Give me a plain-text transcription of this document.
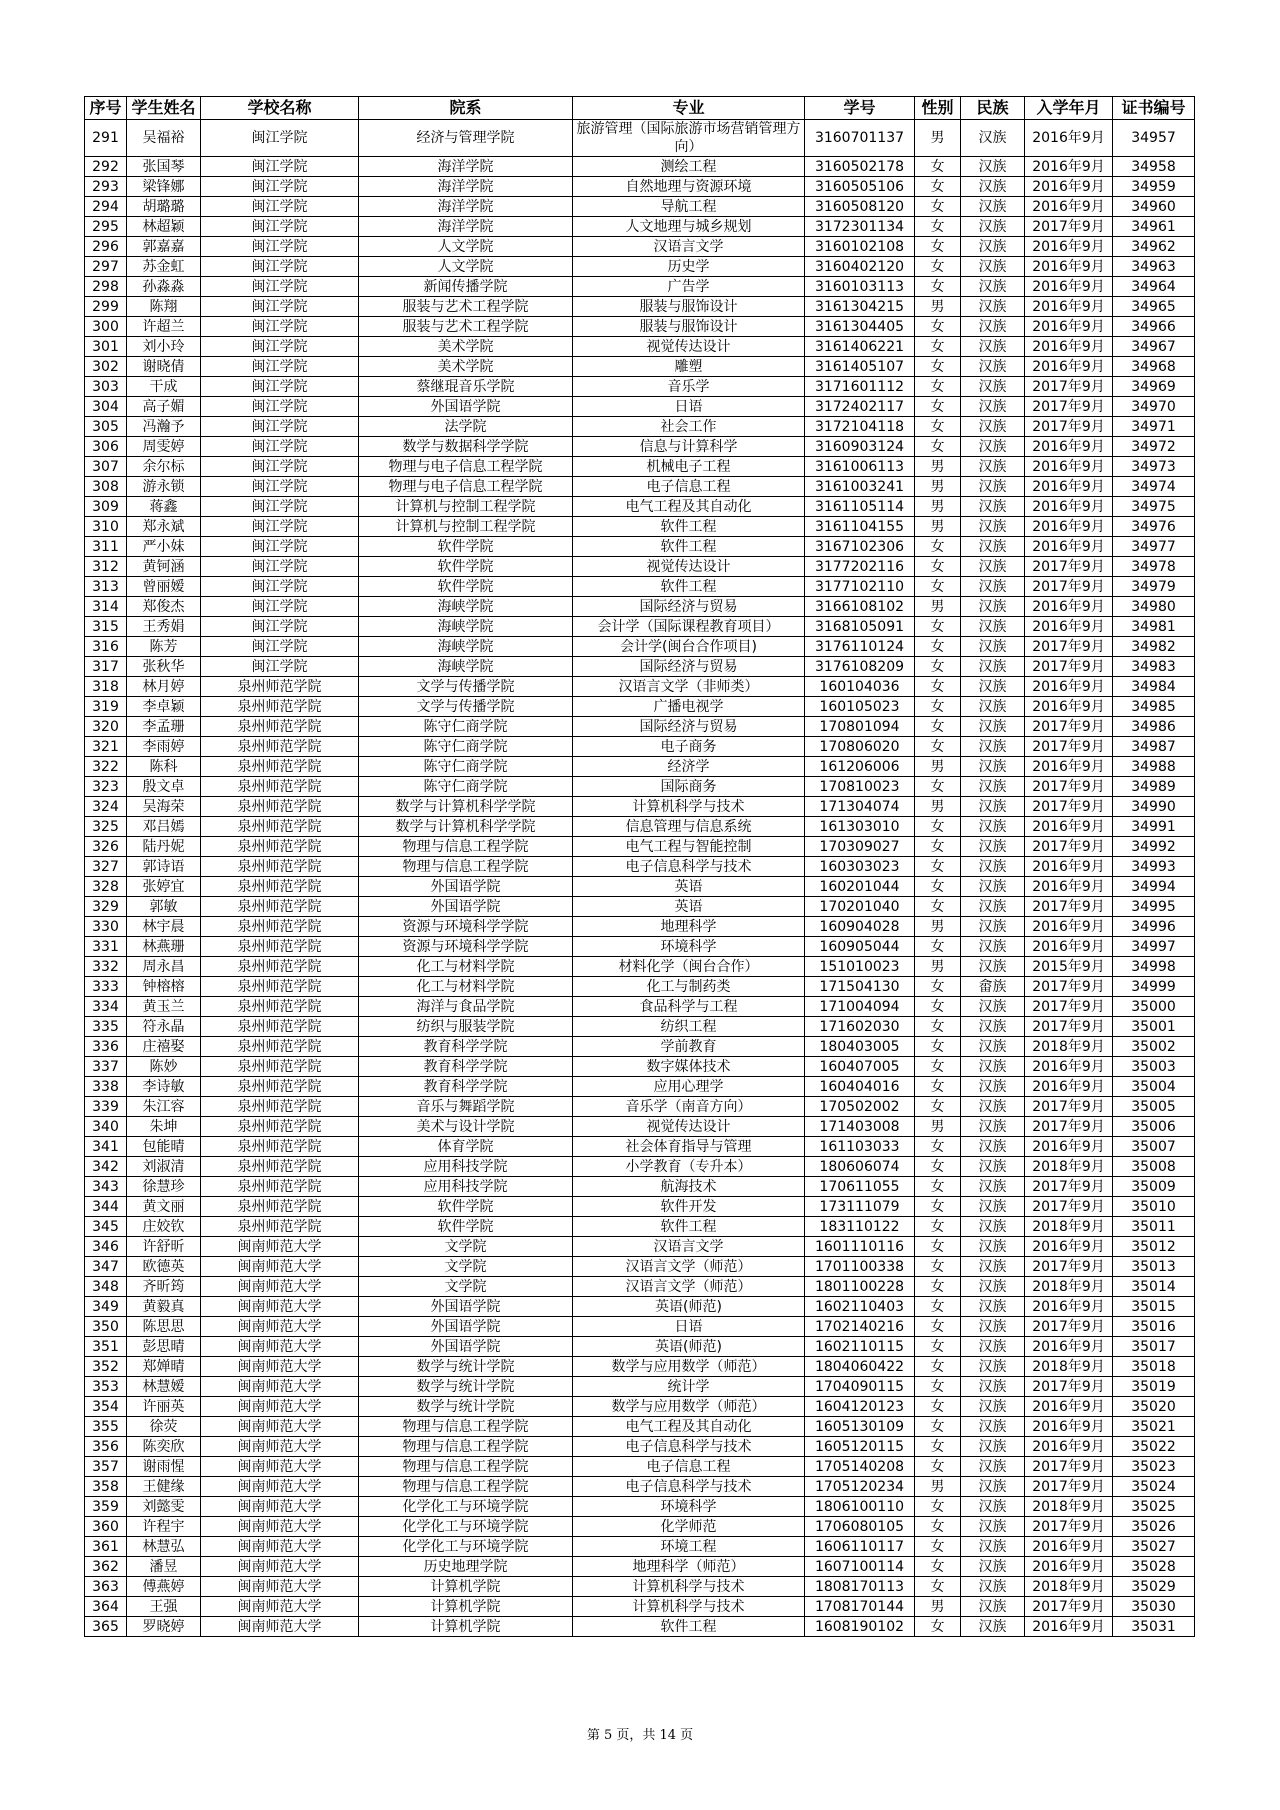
序号	学生姓名	学校名称	院系	专业	学号	性别	民族	入学年月	证书编号
291	吴福裕	闽江学院	经济与管理学院	旅游管理（国际旅游市场营销管理方向）	3160701137	男	汉族	2016年9月	34957
292	张国琴	闽江学院	海洋学院	测绘工程	3160502178	女	汉族	2016年9月	34958
293	梁锋娜	闽江学院	海洋学院	自然地理与资源环境	3160505106	女	汉族	2016年9月	34959
294	胡璐璐	闽江学院	海洋学院	导航工程	3160508120	女	汉族	2016年9月	34960
295	林超颖	闽江学院	海洋学院	人文地理与城乡规划	3172301134	女	汉族	2017年9月	34961
296	郭嘉嘉	闽江学院	人文学院	汉语言文学	3160102108	女	汉族	2016年9月	34962
297	苏金虹	闽江学院	人文学院	历史学	3160402120	女	汉族	2016年9月	34963
298	孙淼淼	闽江学院	新闻传播学院	广告学	3160103113	女	汉族	2016年9月	34964
299	陈翔	闽江学院	服装与艺术工程学院	服装与服饰设计	3161304215	男	汉族	2016年9月	34965
300	许超兰	闽江学院	服装与艺术工程学院	服装与服饰设计	3161304405	女	汉族	2016年9月	34966
301	刘小玲	闽江学院	美术学院	视觉传达设计	3161406221	女	汉族	2016年9月	34967
302	谢晓倩	闽江学院	美术学院	雕塑	3161405107	女	汉族	2016年9月	34968
303	干成	闽江学院	蔡继琨音乐学院	音乐学	3171601112	女	汉族	2017年9月	34969
304	高子媚	闽江学院	外国语学院	日语	3172402117	女	汉族	2017年9月	34970
305	冯瀚予	闽江学院	法学院	社会工作	3172104118	女	汉族	2017年9月	34971
306	周雯婷	闽江学院	数学与数据科学学院	信息与计算科学	3160903124	女	汉族	2016年9月	34972
307	余尔标	闽江学院	物理与电子信息工程学院	机械电子工程	3161006113	男	汉族	2016年9月	34973
308	游永锁	闽江学院	物理与电子信息工程学院	电子信息工程	3161003241	男	汉族	2016年9月	34974
309	蒋鑫	闽江学院	计算机与控制工程学院	电气工程及其自动化	3161105114	男	汉族	2016年9月	34975
310	郑永斌	闽江学院	计算机与控制工程学院	软件工程	3161104155	男	汉族	2016年9月	34976
311	严小妹	闽江学院	软件学院	软件工程	3167102306	女	汉族	2016年9月	34977
312	黄钶涵	闽江学院	软件学院	视觉传达设计	3177202116	女	汉族	2017年9月	34978
313	曾丽嫒	闽江学院	软件学院	软件工程	3177102110	女	汉族	2017年9月	34979
314	郑俊杰	闽江学院	海峡学院	国际经济与贸易	3166108102	男	汉族	2016年9月	34980
315	王秀娟	闽江学院	海峡学院	会计学（国际课程教育项目）	3168105091	女	汉族	2016年9月	34981
316	陈芳	闽江学院	海峡学院	会计学(闽台合作项目)	3176110124	女	汉族	2017年9月	34982
317	张秋华	闽江学院	海峡学院	国际经济与贸易	3176108209	女	汉族	2017年9月	34983
318	林月婷	泉州师范学院	文学与传播学院	汉语言文学（非师类）	160104036	女	汉族	2016年9月	34984
319	李卓颖	泉州师范学院	文学与传播学院	广播电视学	160105023	女	汉族	2016年9月	34985
320	李孟珊	泉州师范学院	陈守仁商学院	国际经济与贸易	170801094	女	汉族	2017年9月	34986
321	李雨婷	泉州师范学院	陈守仁商学院	电子商务	170806020	女	汉族	2017年9月	34987
322	陈科	泉州师范学院	陈守仁商学院	经济学	161206006	男	汉族	2016年9月	34988
323	殷文卓	泉州师范学院	陈守仁商学院	国际商务	170810023	女	汉族	2017年9月	34989
324	吴海荣	泉州师范学院	数学与计算机科学学院	计算机科学与技术	171304074	男	汉族	2017年9月	34990
325	邓吕嫣	泉州师范学院	数学与计算机科学学院	信息管理与信息系统	161303010	女	汉族	2016年9月	34991
326	陆丹妮	泉州师范学院	物理与信息工程学院	电气工程与智能控制	170309027	女	汉族	2017年9月	34992
327	郭诗语	泉州师范学院	物理与信息工程学院	电子信息科学与技术	160303023	女	汉族	2016年9月	34993
328	张婷宜	泉州师范学院	外国语学院	英语	160201044	女	汉族	2016年9月	34994
329	郭敏	泉州师范学院	外国语学院	英语	170201040	女	汉族	2017年9月	34995
330	林宇晨	泉州师范学院	资源与环境科学学院	地理科学	160904028	男	汉族	2016年9月	34996
331	林燕珊	泉州师范学院	资源与环境科学学院	环境科学	160905044	女	汉族	2016年9月	34997
332	周永昌	泉州师范学院	化工与材料学院	材料化学（闽台合作）	151010023	男	汉族	2015年9月	34998
333	钟榕榕	泉州师范学院	化工与材料学院	化工与制药类	171504130	女	畲族	2017年9月	34999
334	黄玉兰	泉州师范学院	海洋与食品学院	食品科学与工程	171004094	女	汉族	2017年9月	35000
335	符永晶	泉州师范学院	纺织与服装学院	纺织工程	171602030	女	汉族	2017年9月	35001
336	庄禧娶	泉州师范学院	教育科学学院	学前教育	180403005	女	汉族	2018年9月	35002
337	陈妙	泉州师范学院	教育科学学院	数字媒体技术	160407005	女	汉族	2016年9月	35003
338	李诗敏	泉州师范学院	教育科学学院	应用心理学	160404016	女	汉族	2016年9月	35004
339	朱江容	泉州师范学院	音乐与舞蹈学院	音乐学（南音方向）	170502002	女	汉族	2017年9月	35005
340	朱坤	泉州师范学院	美术与设计学院	视觉传达设计	171403008	男	汉族	2017年9月	35006
341	包能晴	泉州师范学院	体育学院	社会体育指导与管理	161103033	女	汉族	2016年9月	35007
342	刘淑清	泉州师范学院	应用科技学院	小学教育（专升本）	180606074	女	汉族	2018年9月	35008
343	徐慧珍	泉州师范学院	应用科技学院	航海技术	170611055	女	汉族	2017年9月	35009
344	黄文丽	泉州师范学院	软件学院	软件开发	173111079	女	汉族	2017年9月	35010
345	庄姣钦	泉州师范学院	软件学院	软件工程	183110122	女	汉族	2018年9月	35011
346	许舒昕	闽南师范大学	文学院	汉语言文学	1601110116	女	汉族	2016年9月	35012
347	欧德英	闽南师范大学	文学院	汉语言文学（师范）	1701100338	女	汉族	2017年9月	35013
348	齐昕筠	闽南师范大学	文学院	汉语言文学（师范）	1801100228	女	汉族	2018年9月	35014
349	黄毅真	闽南师范大学	外国语学院	英语(师范)	1602110403	女	汉族	2016年9月	35015
350	陈思思	闽南师范大学	外国语学院	日语	1702140216	女	汉族	2017年9月	35016
351	彭思晴	闽南师范大学	外国语学院	英语(师范)	1602110115	女	汉族	2016年9月	35017
352	郑婵晴	闽南师范大学	数学与统计学院	数学与应用数学（师范）	1804060422	女	汉族	2018年9月	35018
353	林慧嫒	闽南师范大学	数学与统计学院	统计学	1704090115	女	汉族	2017年9月	35019
354	许丽英	闽南师范大学	数学与统计学院	数学与应用数学（师范）	1604120123	女	汉族	2016年9月	35020
355	徐荧	闽南师范大学	物理与信息工程学院	电气工程及其自动化	1605130109	女	汉族	2016年9月	35021
356	陈奕欣	闽南师范大学	物理与信息工程学院	电子信息科学与技术	1605120115	女	汉族	2016年9月	35022
357	谢雨惺	闽南师范大学	物理与信息工程学院	电子信息工程	1705140208	女	汉族	2017年9月	35023
358	王健缘	闽南师范大学	物理与信息工程学院	电子信息科学与技术	1705120234	男	汉族	2017年9月	35024
359	刘懿雯	闽南师范大学	化学化工与环境学院	环境科学	1806100110	女	汉族	2018年9月	35025
360	许程宇	闽南师范大学	化学化工与环境学院	化学师范	1706080105	女	汉族	2017年9月	35026
361	林慧弘	闽南师范大学	化学化工与环境学院	环境工程	1606110117	女	汉族	2016年9月	35027
362	潘昱	闽南师范大学	历史地理学院	地理科学（师范）	1607100114	女	汉族	2016年9月	35028
363	傅燕婷	闽南师范大学	计算机学院	计算机科学与技术	1808170113	女	汉族	2018年9月	35029
364	王强	闽南师范大学	计算机学院	计算机科学与技术	1708170144	男	汉族	2017年9月	35030
365	罗晓婷	闽南师范大学	计算机学院	软件工程	1608190102	女	汉族	2016年9月	35031
第 5 页，共 14 页
